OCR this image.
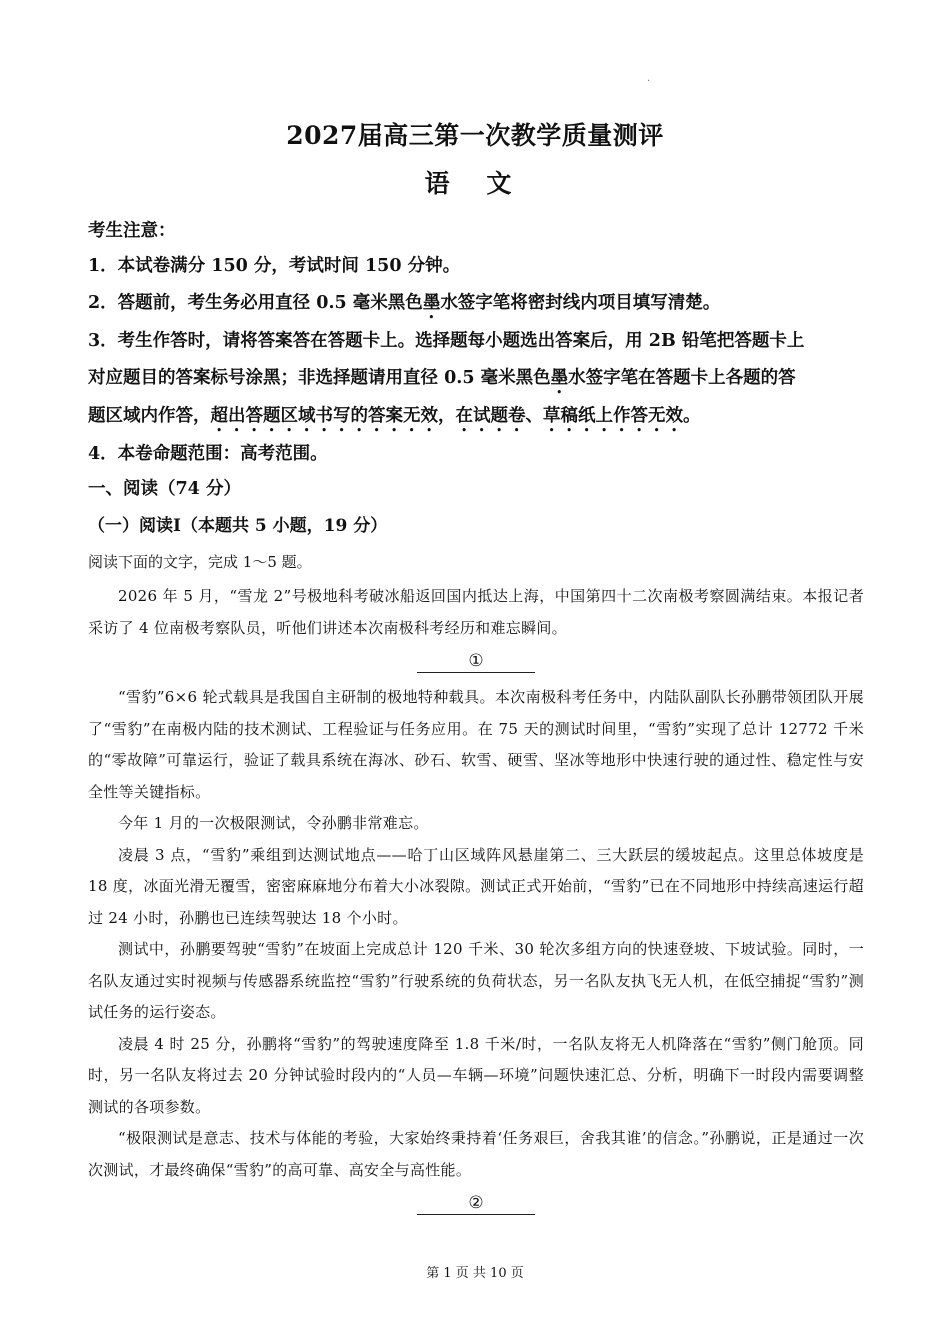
·
2027届高三第一次教学质量测评
语 文

考生注意：

1．本试卷满分 150 分，考试时间 150 分钟。

2．答题前，考生务必用直径 0.5 毫米黑色墨水签字笔将密封线内项目填写清楚。

3．考生作答时，请将答案答在答题卡上。选择题每小题选出答案后，用 2B 铅笔把答题卡上

对应题目的答案标号涂黑；非选择题请用直径 0.5 毫米黑色墨水签字笔在答题卡上各题的答

题区域内作答，超出答题区域书写的答案无效，在试题卷、草稿纸上作答无效。

4．本卷命题范围：高考范围。

一、阅读（74 分）

（一）阅读I（本题共 5 小题，19 分）

阅读下面的文字，完成 1～5 题。

2026 年 5 月，“雪龙 2”号极地科考破冰船返回国内抵达上海，中国第四十二次南极考察圆满结束。本报记者采访了 4 位南极考察队员，听他们讲述本次南极科考经历和难忘瞬间。

①

“雪豹”6×6 轮式载具是我国自主研制的极地特种载具。本次南极科考任务中，内陆队副队长孙鹏带领团队开展了“雪豹”在南极内陆的技术测试、工程验证与任务应用。在 75 天的测试时间里，“雪豹”实现了总计 12772 千米的“零故障”可靠运行，验证了载具系统在海冰、砂石、软雪、硬雪、坚冰等地形中快速行驶的通过性、稳定性与安全性等关键指标。

今年 1 月的一次极限测试，令孙鹏非常难忘。

凌晨 3 点，“雪豹”乘组到达测试地点——哈丁山区域阵风悬崖第二、三大跃层的缓坡起点。这里总体坡度是 18 度，冰面光滑无覆雪，密密麻麻地分布着大小冰裂隙。测试正式开始前，“雪豹”已在不同地形中持续高速运行超过 24 小时，孙鹏也已连续驾驶达 18 个小时。

测试中，孙鹏要驾驶“雪豹”在坡面上完成总计 120 千米、30 轮次多组方向的快速登坡、下坡试验。同时，一名队友通过实时视频与传感器系统监控“雪豹”行驶系统的负荷状态，另一名队友执飞无人机，在低空捕捉“雪豹”测试任务的运行姿态。

凌晨 4 时 25 分，孙鹏将“雪豹”的驾驶速度降至 1.8 千米/时，一名队友将无人机降落在“雪豹”侧门舱顶。同时，另一名队友将过去 20 分钟试验时段内的“人员—车辆—环境”问题快速汇总、分析，明确下一时段内需要调整测试的各项参数。

“极限测试是意志、技术与体能的考验，大家始终秉持着‘任务艰巨，舍我其谁’的信念。”孙鹏说，正是通过一次次测试，才最终确保“雪豹”的高可靠、高安全与高性能。

②
第 1 页 共 10 页
